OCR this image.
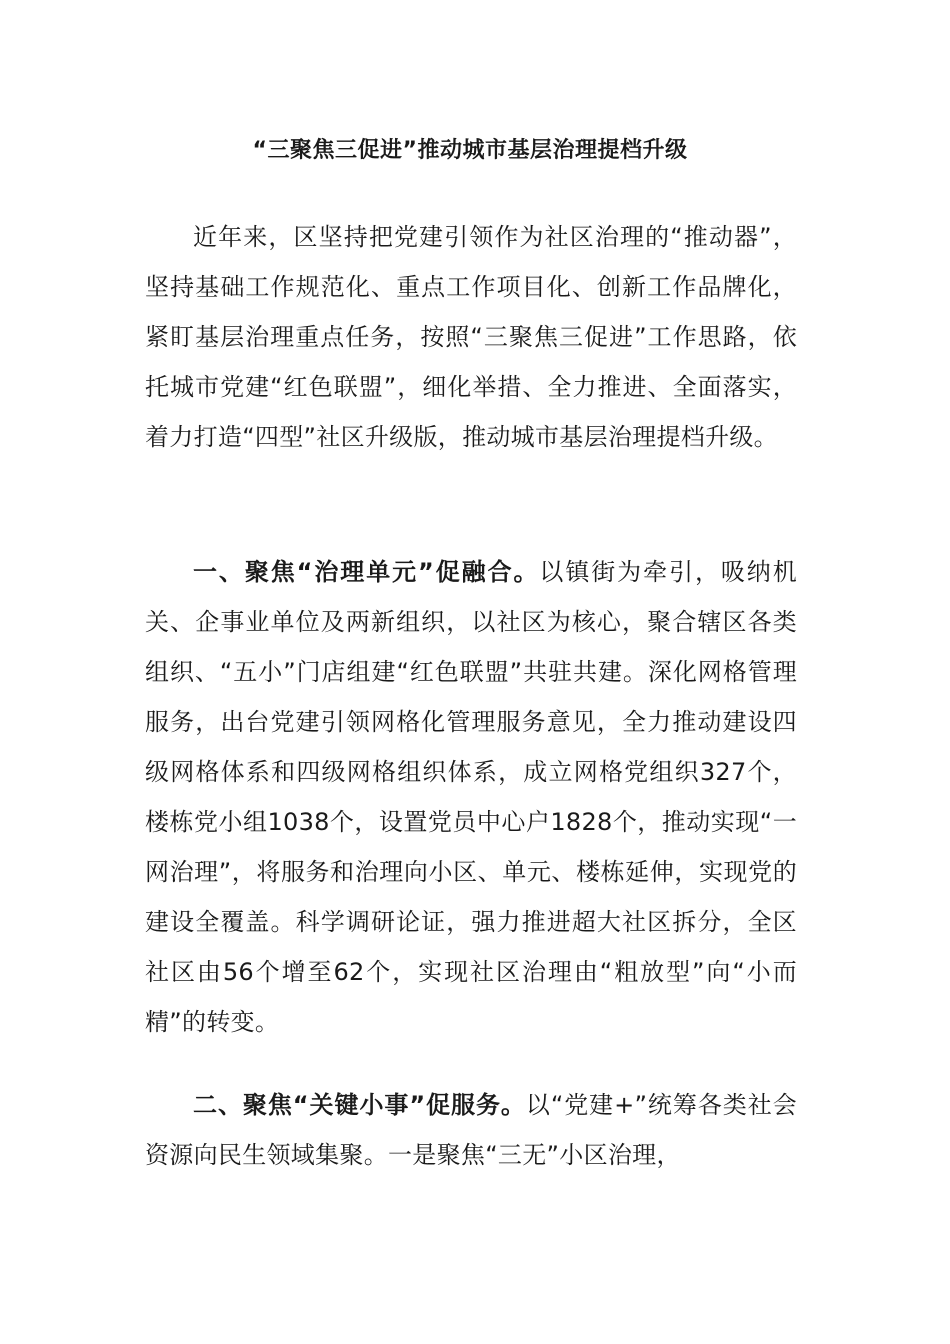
“三聚焦三促进”推动城市基层治理提档升级

近年来，区坚持把党建引领作为社区治理的“推动器”，坚持基础工作规范化、重点工作项目化、创新工作品牌化，紧盯基层治理重点任务，按照“三聚焦三促进”工作思路，依托城市党建“红色联盟”，细化举措、全力推进、全面落实，着力打造“四型”社区升级版，推动城市基层治理提档升级。

一、聚焦“治理单元”促融合。以镇街为牵引，吸纳机关、企事业单位及两新组织，以社区为核心，聚合辖区各类组织、“五小”门店组建“红色联盟”共驻共建。深化网格管理服务，出台党建引领网格化管理服务意见，全力推动建设四级网格体系和四级网格组织体系，成立网格党组织327个，楼栋党小组1038个，设置党员中心户1828个，推动实现“一网治理”，将服务和治理向小区、单元、楼栋延伸，实现党的建设全覆盖。科学调研论证，强力推进超大社区拆分，全区社区由56个增至62个，实现社区治理由“粗放型”向“小而精”的转变。

二、聚焦“关键小事”促服务。以“党建+”统筹各类社会资源向民生领域集聚。一是聚焦“三无”小区治理，
